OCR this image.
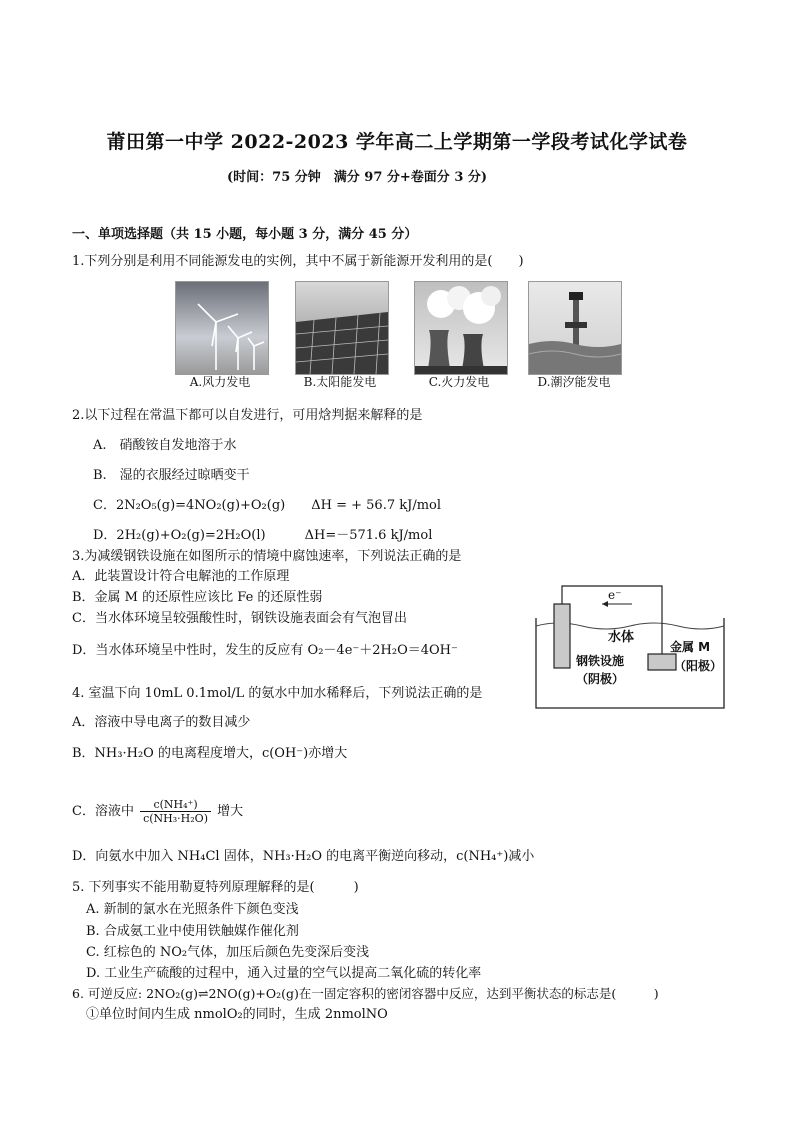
莆田第一中学 2022-2023 学年高二上学期第一学段考试化学试卷
(时间：75 分钟　满分 97 分+卷面分 3 分)
一、单项选择题（共 15 小题，每小题 3 分，满分 45 分）
1.下列分别是利用不同能源发电的实例，其中不属于新能源开发利用的是(　　)
A.风力发电	B.太阳能发电	C.火力发电	D.潮汐能发电
2.以下过程在常温下都可以自发进行，可用焓判据来解释的是
A.　硝酸铵自发地溶于水
B.　湿的衣服经过晾晒变干
C．2N₂O₅(g)=4NO₂(g)+O₂(g)　　ΔH = + 56.7 kJ/mol
D．2H₂(g)+O₂(g)=2H₂O(l)　　　ΔH=－571.6 kJ/mol
3.为减缓钢铁设施在如图所示的情境中腐蚀速率，下列说法正确的是
A．此装置设计符合电解池的工作原理
B．金属 M 的还原性应该比 Fe 的还原性弱
C．当水体环境呈较强酸性时，钢铁设施表面会有气泡冒出
D．当水体环境呈中性时，发生的反应有 O₂－4e⁻＋2H₂O＝4OH⁻
e⁻
水体
钢铁设施
（阴极）
金属 M
（阳极）
4. 室温下向 10mL 0.1mol/L 的氨水中加水稀释后，下列说法正确的是
A．溶液中导电离子的数目减少
B．NH₃·H₂O 的电离程度增大，c(OH⁻)亦增大
C．溶液中 $\frac{\text{c(NH₄⁺)}}{\text{c(NH₃·H₂O)}}$ 增大
D．向氨水中加入 NH₄Cl 固体，NH₃·H₂O 的电离平衡逆向移动，c(NH₄⁺)减小
5. 下列事实不能用勒夏特列原理解释的是(　　　)
A. 新制的氯水在光照条件下颜色变浅
B. 合成氨工业中使用铁触媒作催化剂
C. 红棕色的 NO₂气体，加压后颜色先变深后变浅
D. 工业生产硫酸的过程中，通入过量的空气以提高二氧化硫的转化率
6. 可逆反应: 2NO₂(g)⇌2NO(g)+O₂(g)在一固定容积的密闭容器中反应，达到平衡状态的标志是(　　　)
①单位时间内生成 nmolO₂的同时，生成 2nmolNO
